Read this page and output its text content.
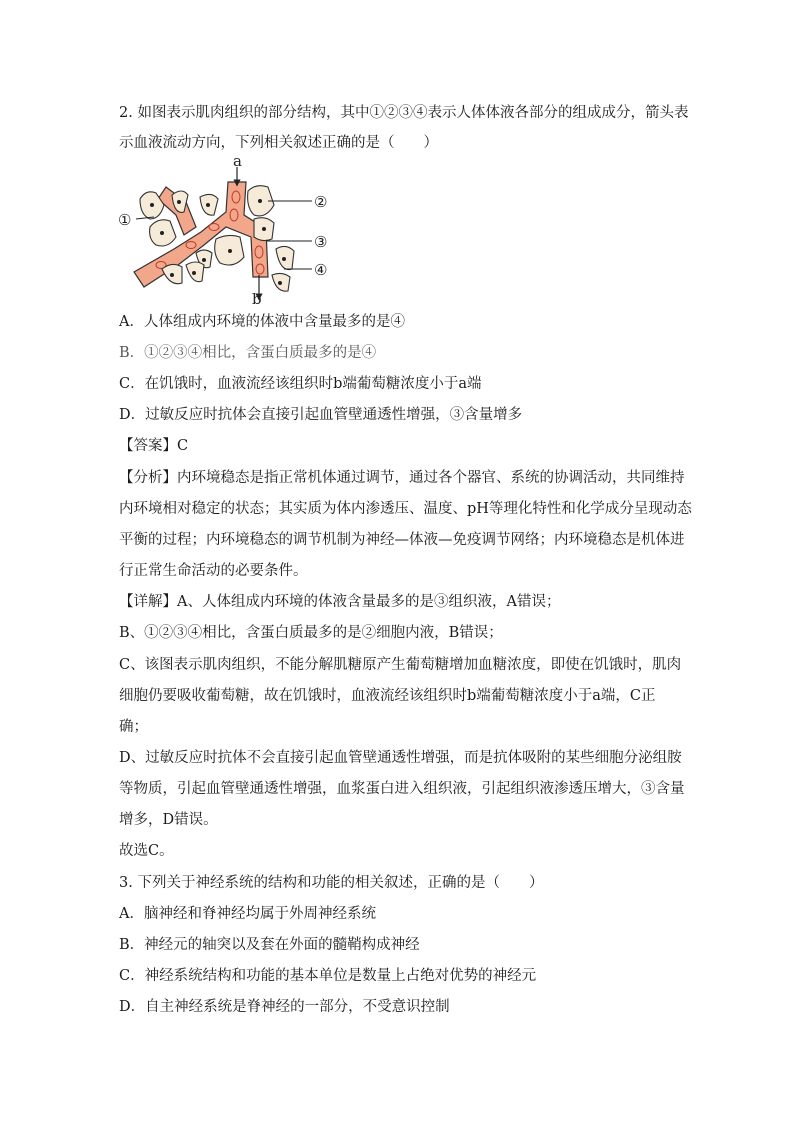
2. 如图表示肌肉组织的部分结构，其中①②③④表示人体体液各部分的组成成分，箭头表
示血液流动方向，下列相关叙述正确的是（　　）
a
b
①
②
③
④
A．人体组成内环境的体液中含量最多的是④
B．①②③④相比，含蛋白质最多的是④
C．在饥饿时，血液流经该组织时b端葡萄糖浓度小于a端
D．过敏反应时抗体会直接引起血管壁通透性增强，③含量增多
【答案】C
【分析】内环境稳态是指正常机体通过调节，通过各个器官、系统的协调活动，共同维持
内环境相对稳定的状态；其实质为体内渗透压、温度、pH等理化特性和化学成分呈现动态
平衡的过程；内环境稳态的调节机制为神经—体液—免疫调节网络；内环境稳态是机体进
行正常生命活动的必要条件。
【详解】A、人体组成内环境的体液含量最多的是③组织液，A错误；
B、①②③④相比，含蛋白质最多的是②细胞内液，B错误；
C、该图表示肌肉组织，不能分解肌糖原产生葡萄糖增加血糖浓度，即使在饥饿时，肌肉
细胞仍要吸收葡萄糖，故在饥饿时，血液流经该组织时b端葡萄糖浓度小于a端，C正
确；
D、过敏反应时抗体不会直接引起血管壁通透性增强，而是抗体吸附的某些细胞分泌组胺
等物质，引起血管壁通透性增强，血浆蛋白进入组织液，引起组织液渗透压增大，③含量
增多，D错误。
故选C。
3. 下列关于神经系统的结构和功能的相关叙述，正确的是（　　）
A．脑神经和脊神经均属于外周神经系统
B．神经元的轴突以及套在外面的髓鞘构成神经
C．神经系统结构和功能的基本单位是数量上占绝对优势的神经元
D．自主神经系统是脊神经的一部分，不受意识控制
